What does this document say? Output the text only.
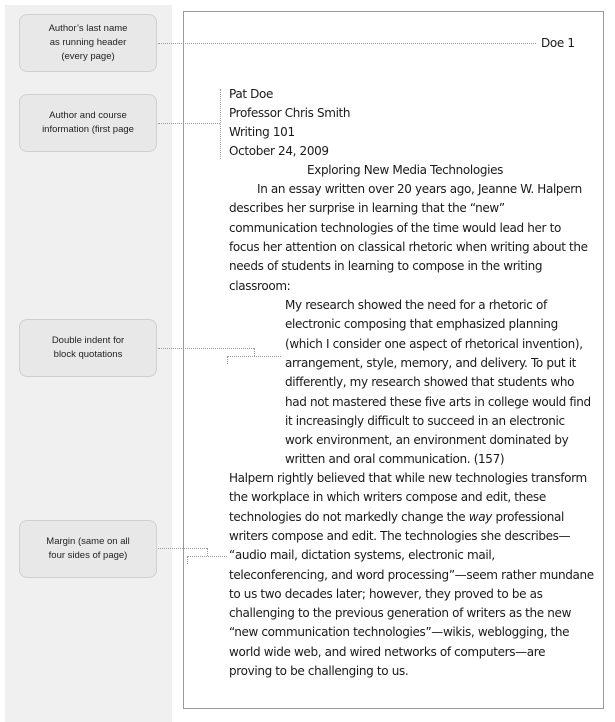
Author’s last name
as running header
(every page)
Author and course
information (first page
Double indent for
block quotations
Margin (same on all
four sides of page)
Doe 1
Pat Doe
Professor Chris Smith
Writing 101
October 24, 2009
Exploring New Media Technologies
In an essay written over 20 years ago, Jeanne W. Halpern
describes her surprise in learning that the “new”
communication technologies of the time would lead her to
focus her attention on classical rhetoric when writing about the
needs of students in learning to compose in the writing
classroom:
My research showed the need for a rhetoric of
electronic composing that emphasized planning
(which I consider one aspect of rhetorical invention),
arrangement, style, memory, and delivery. To put it
differently, my research showed that students who
had not mastered these five arts in college would find
it increasingly difficult to succeed in an electronic
work environment, an environment dominated by
written and oral communication. (157)
Halpern rightly believed that while new technologies transform
the workplace in which writers compose and edit, these
technologies do not markedly change the way professional
writers compose and edit. The technologies she describes—
“audio mail, dictation systems, electronic mail,
teleconferencing, and word processing”—seem rather mundane
to us two decades later; however, they proved to be as
challenging to the previous generation of writers as the new
“new communication technologies”—wikis, weblogging, the
world wide web, and wired networks of computers—are
proving to be challenging to us.
